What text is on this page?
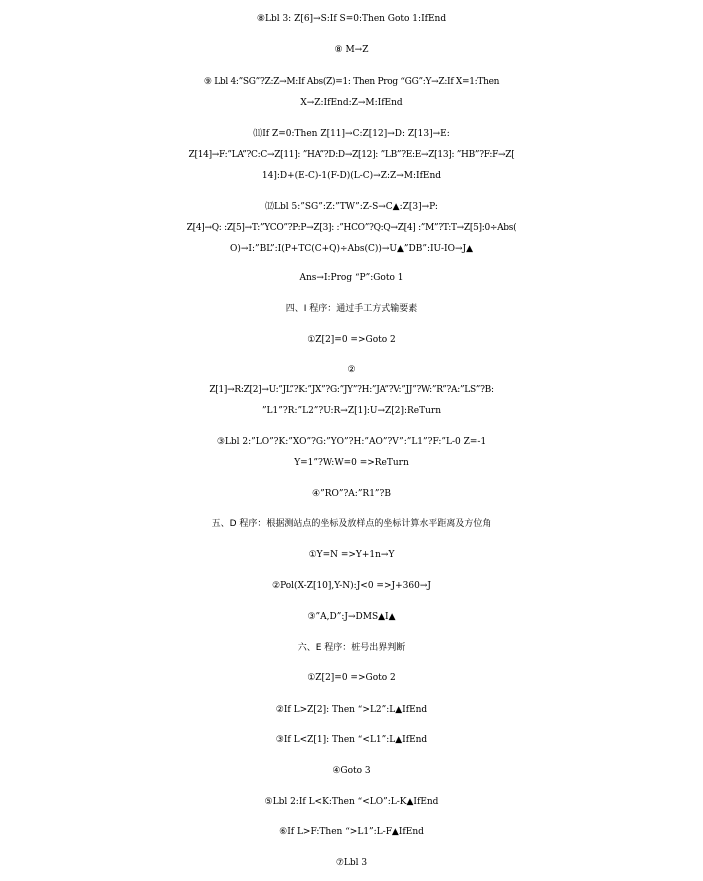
⑧Lbl 3: Z[6]→S:If S=0:Then Goto 1:IfEnd
⑧ M→Z
⑨ Lbl 4:”SG”?Z:Z→M:If Abs(Z)=1: Then Prog “GG”:Y→Z:If X=1:Then
X→Z:IfEnd:Z→M:IfEnd
⑾If Z=0:Then Z[11]→C:Z[12]→D: Z[13]→E:
Z[14]→F:”LA”?C:C→Z[11]: ”HA”?D:D→Z[12]: ”LB”?E:E→Z[13]: ”HB”?F:F→Z[
14]:D+(E-C)-1(F-D)(L-C)→Z:Z→M:IfEnd
⑿Lbl 5:”SG”:Z:”TW”:Z-S→C▲:Z[3]→P:
Z[4]→Q: :Z[5]→T:”YCO”?P:P→Z[3]: :”HCO”?Q:Q→Z[4] :”M”?T:T→Z[5]:0÷Abs(
O)→I:”BL”:I(P+TC(C+Q)÷Abs(C))→U▲”DB”:IU-IO→J▲
Ans→I:Prog “P”:Goto 1
四、I 程序：通过手工方式输要素
①Z[2]=0 =>Goto 2
②
Z[1]→R:Z[2]→U:”JL”?K:”JX”?G:”JY”?H:”JA”?V:”JJ”?W:”R”?A:”LS”?B:
”L1”?R:”L2”?U:R→Z[1]:U→Z[2]:ReTurn
③Lbl 2:”LO”?K:”XO”?G:”YO”?H:”AO”?V”:”L1”?F:”L-0 Z=-1
Y=1”?W:W=0 =>ReTurn
④”RO”?A:”R1”?B
五、D 程序：根据测站点的坐标及放样点的坐标计算水平距离及方位角
①Y=N =>Y+1n→Y
②Pol(X-Z[10],Y-N):J<0 =>J+360→J
③”A,D”:J→DMS▲I▲
六、E 程序：桩号出界判断
①Z[2]=0 =>Goto 2
②If L>Z[2]: Then “>L2”:L▲IfEnd
③If L<Z[1]: Then “<L1”:L▲IfEnd
④Goto 3
⑤Lbl 2:If L<K:Then “<LO”:L-K▲IfEnd
⑥If L>F:Then “>L1”:L-F▲IfEnd
⑦Lbl 3
